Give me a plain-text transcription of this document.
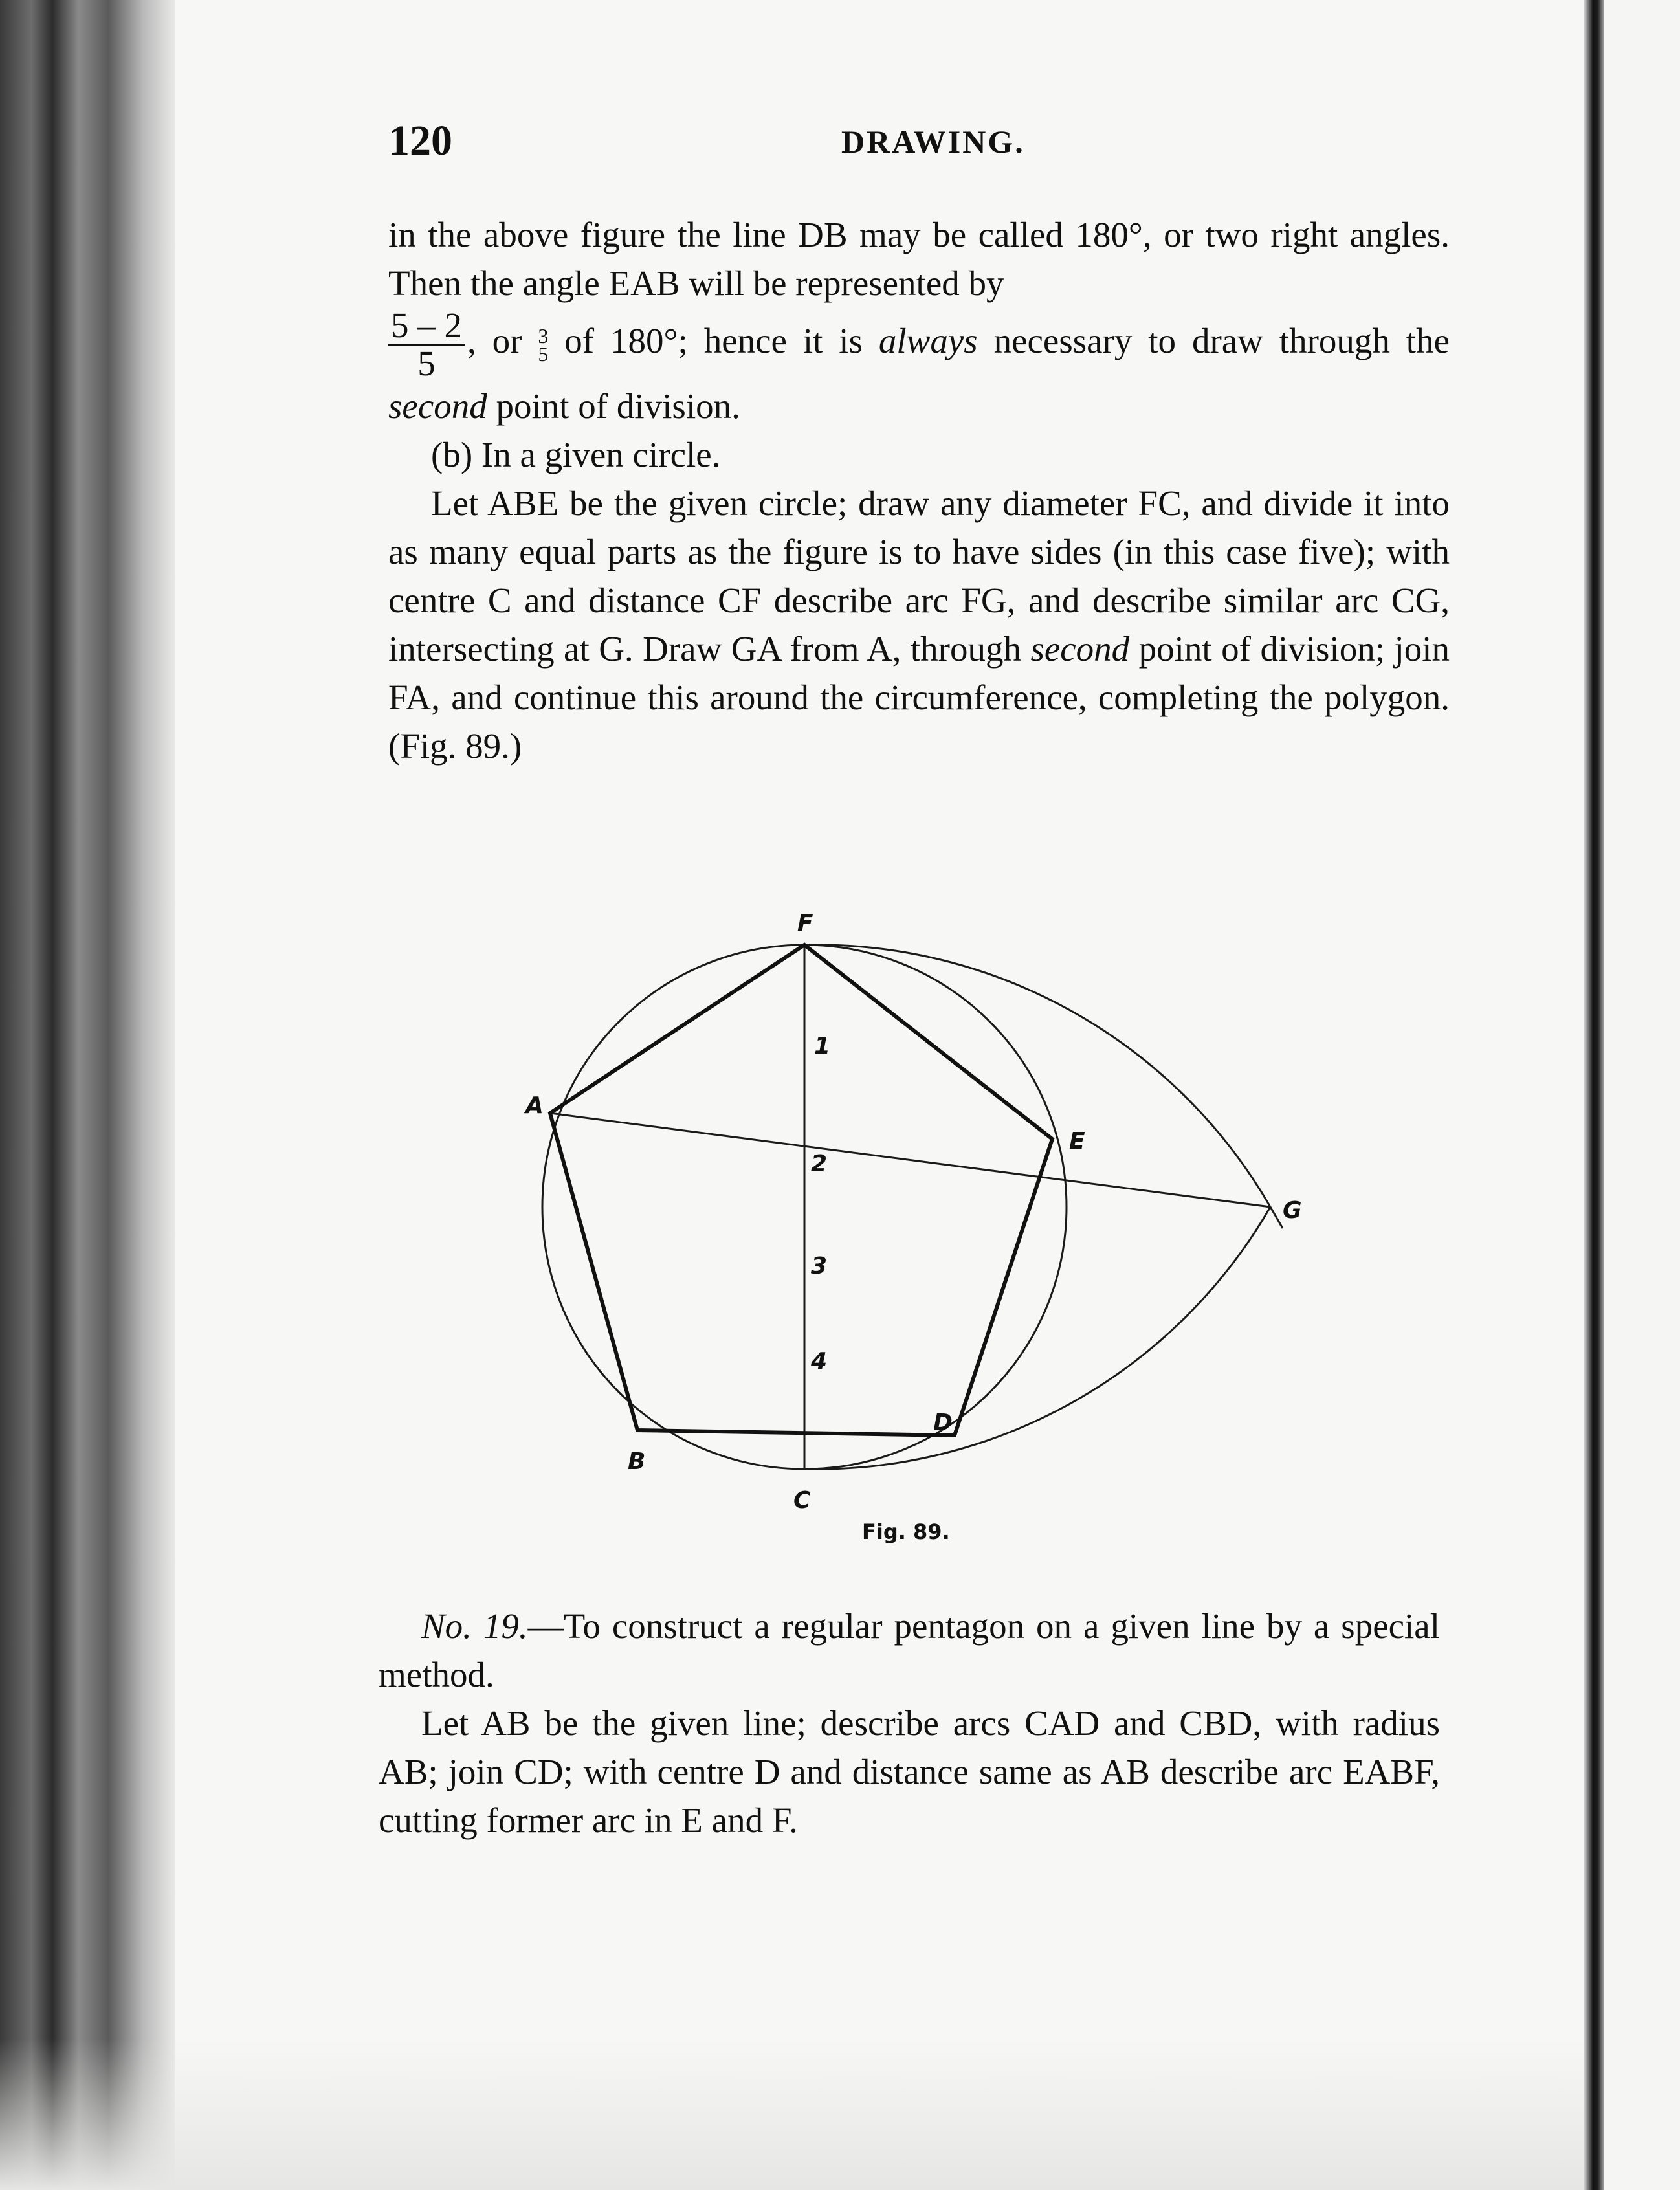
120	DRAWING.

in the above figure the line DB may be called 180°, or two right angles. Then the angle EAB will be represented by

$\frac{5 - 2}{5}$ , or 3
5 of 180°; hence it is always necessary to draw through the second point of division.

(b) In a given circle.

Let ABE be the given circle; draw any diameter FC, and divide it into as many equal parts as the figure is to have sides (in this case five); with centre C and distance CF describe arc FG, and describe similar arc CG, intersecting at G. Draw GA from A, through second point of division; join FA, and continue this around the circumference, completing the polygon. (Fig. 89.)

F
A
E
G
B
D
C
1
2
3
4
Fig. 89.

No. 19.—To construct a regular pentagon on a given line by a special method.

Let AB be the given line; describe arcs CAD and CBD, with radius AB; join CD; with centre D and distance same as AB describe arc EABF, cutting former arc in E and F.
